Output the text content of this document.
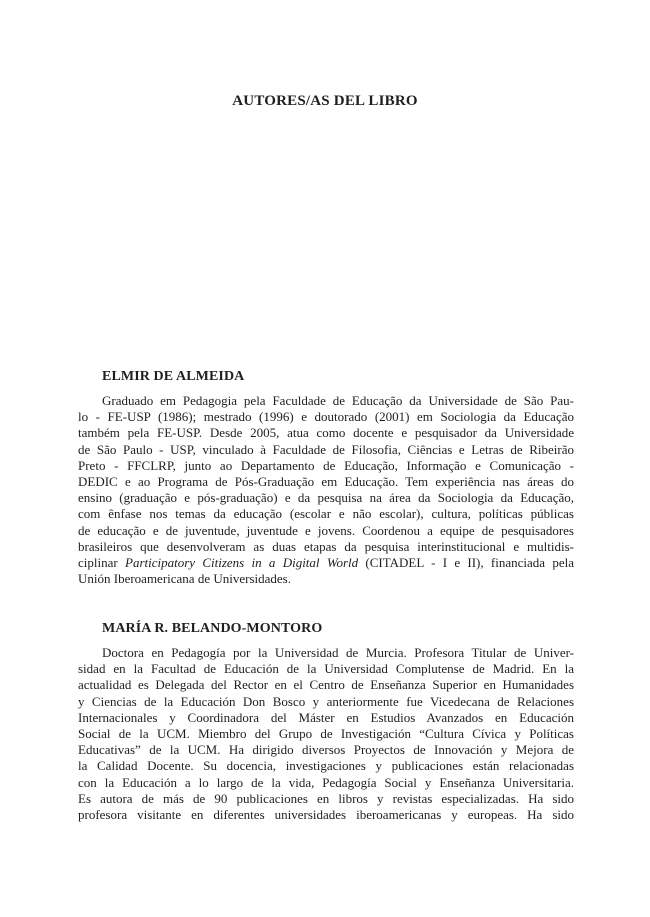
AUTORES/AS DEL LIBRO
ELMIR DE ALMEIDA

Graduado em Pedagogia pela Faculdade de Educação da Universidade de São Pau-
lo - FE-USP (1986); mestrado (1996) e doutorado (2001) em Sociologia da Educação
também pela FE-USP. Desde 2005, atua como docente e pesquisador da Universidade
de São Paulo - USP, vinculado à Faculdade de Filosofia, Ciências e Letras de Ribeirão
Preto - FFCLRP, junto ao Departamento de Educação, Informação e Comunicação -
DEDIC e ao Programa de Pós-Graduação em Educação. Tem experiência nas áreas do
ensino (graduação e pós-graduação) e da pesquisa na área da Sociologia da Educação,
com ênfase nos temas da educação (escolar e não escolar), cultura, políticas públicas
de educação e de juventude, juventude e jovens. Coordenou a equipe de pesquisadores
brasileiros que desenvolveram as duas etapas da pesquisa interinstitucional e multidis-
ciplinar Participatory Citizens in a Digital World (CITADEL - I e II), financiada pela
Unión Iberoamericana de Universidades.

MARÍA R. BELANDO-MONTORO

Doctora en Pedagogía por la Universidad de Murcia. Profesora Titular de Univer-
sidad en la Facultad de Educación de la Universidad Complutense de Madrid. En la
actualidad es Delegada del Rector en el Centro de Enseñanza Superior en Humanidades
y Ciencias de la Educación Don Bosco y anteriormente fue Vicedecana de Relaciones
Internacionales y Coordinadora del Máster en Estudios Avanzados en Educación
Social de la UCM. Miembro del Grupo de Investigación “Cultura Cívica y Políticas
Educativas” de la UCM. Ha dirigido diversos Proyectos de Innovación y Mejora de
la Calidad Docente. Su docencia, investigaciones y publicaciones están relacionadas
con la Educación a lo largo de la vida, Pedagogía Social y Enseñanza Universitaria.
Es autora de más de 90 publicaciones en libros y revistas especializadas. Ha sido
profesora visitante en diferentes universidades iberoamericanas y europeas. Ha sido
